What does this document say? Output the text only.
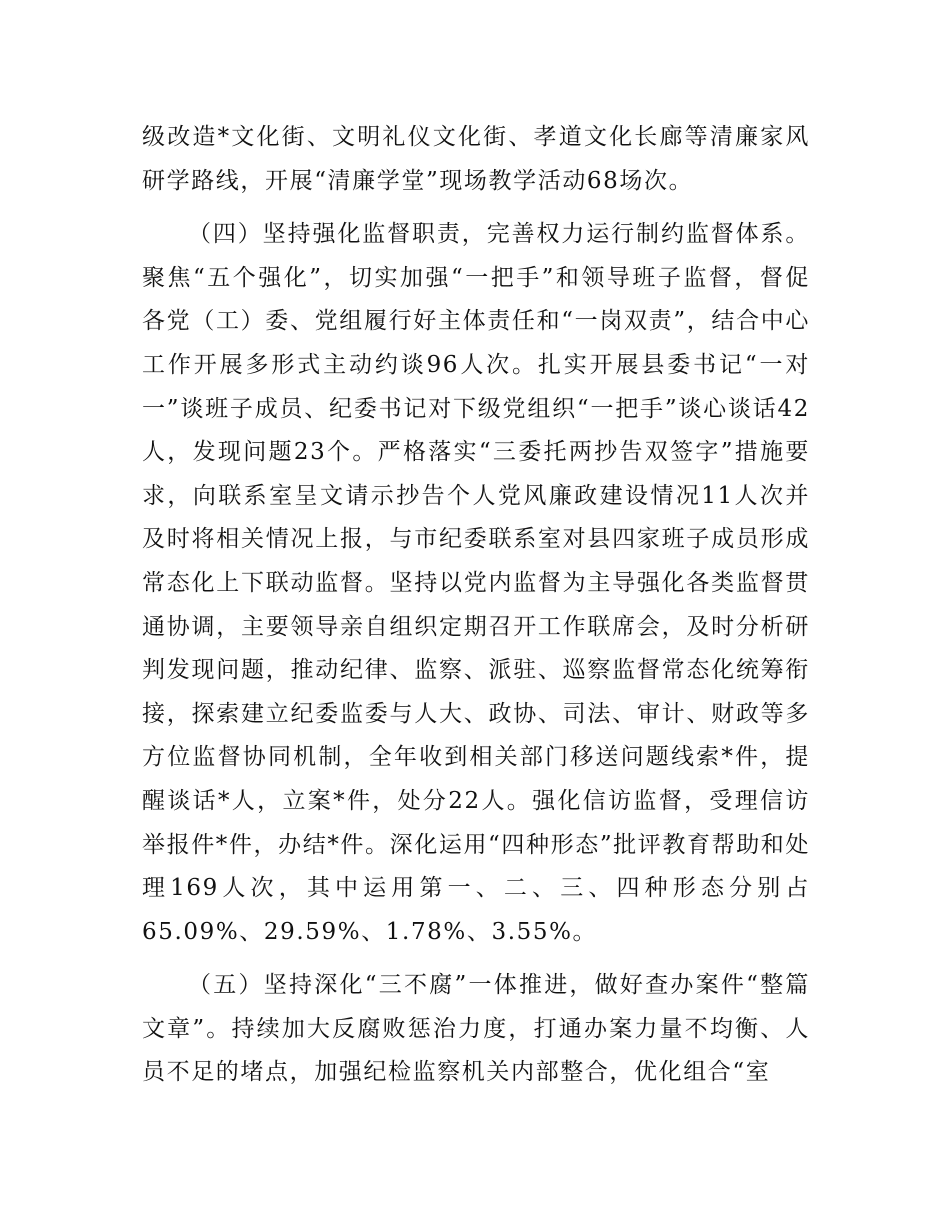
级改造*文化街、文明礼仪文化街、孝道文化长廊等清廉家风研学路线，开展“清廉学堂”现场教学活动68场次。

（四）坚持强化监督职责，完善权力运行制约监督体系。聚焦“五个强化”，切实加强“一把手”和领导班子监督，督促各党（工）委、党组履行好主体责任和“一岗双责”，结合中心工作开展多形式主动约谈96人次。扎实开展县委书记“一对一”谈班子成员、纪委书记对下级党组织“一把手”谈心谈话42人，发现问题23个。严格落实“三委托两抄告双签字”措施要求，向联系室呈文请示抄告个人党风廉政建设情况11人次并及时将相关情况上报，与市纪委联系室对县四家班子成员形成常态化上下联动监督。坚持以党内监督为主导强化各类监督贯通协调，主要领导亲自组织定期召开工作联席会，及时分析研判发现问题，推动纪律、监察、派驻、巡察监督常态化统筹衔接，探索建立纪委监委与人大、政协、司法、审计、财政等多方位监督协同机制，全年收到相关部门移送问题线索*件，提醒谈话*人，立案*件，处分22人。强化信访监督，受理信访举报件*件，办结*件。深化运用“四种形态”批评教育帮助和处理169人次，其中运用第一、二、三、四种形态分别占65.09%、29.59%、1.78%、3.55%。

（五）坚持深化“三不腐”一体推进，做好查办案件“整篇文章”。持续加大反腐败惩治力度，打通办案力量不均衡、人员不足的堵点，加强纪检监察机关内部整合，优化组合“室
